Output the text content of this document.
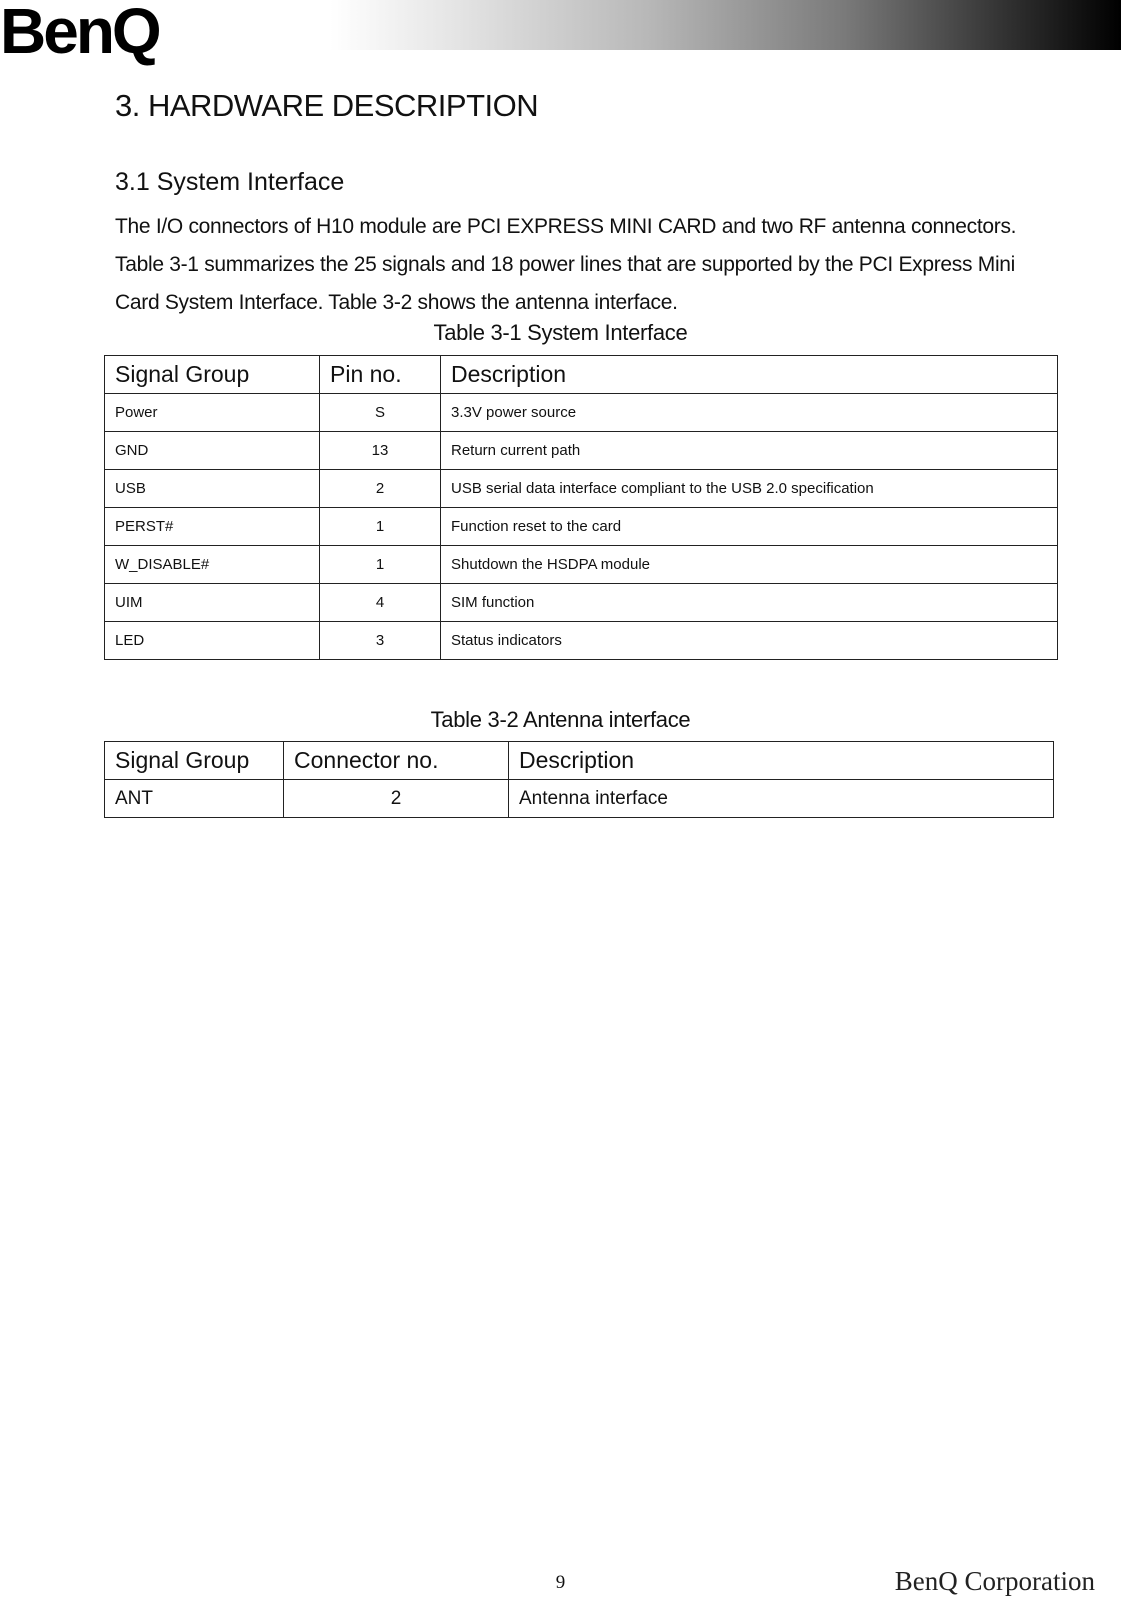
BenQ
3. HARDWARE DESCRIPTION
3.1 System Interface
The I/O connectors of H10 module are PCI EXPRESS MINI CARD and two RF antenna connectors. Table 3-1 summarizes the 25 signals and 18 power lines that are supported by the PCI Express Mini Card System Interface. Table 3-2 shows the antenna interface.
Table 3-1 System Interface
Signal Group	Pin no.	Description
Power	S	3.3V power source
GND	13	Return current path
USB	2	USB serial data interface compliant to the USB 2.0 specification
PERST#	1	Function reset to the card
W_DISABLE#	1	Shutdown the HSDPA module
UIM	4	SIM function
LED	3	Status indicators
Table 3-2 Antenna interface
Signal Group	Connector no.	Description
ANT	2	Antenna interface
9	BenQ Corporation
